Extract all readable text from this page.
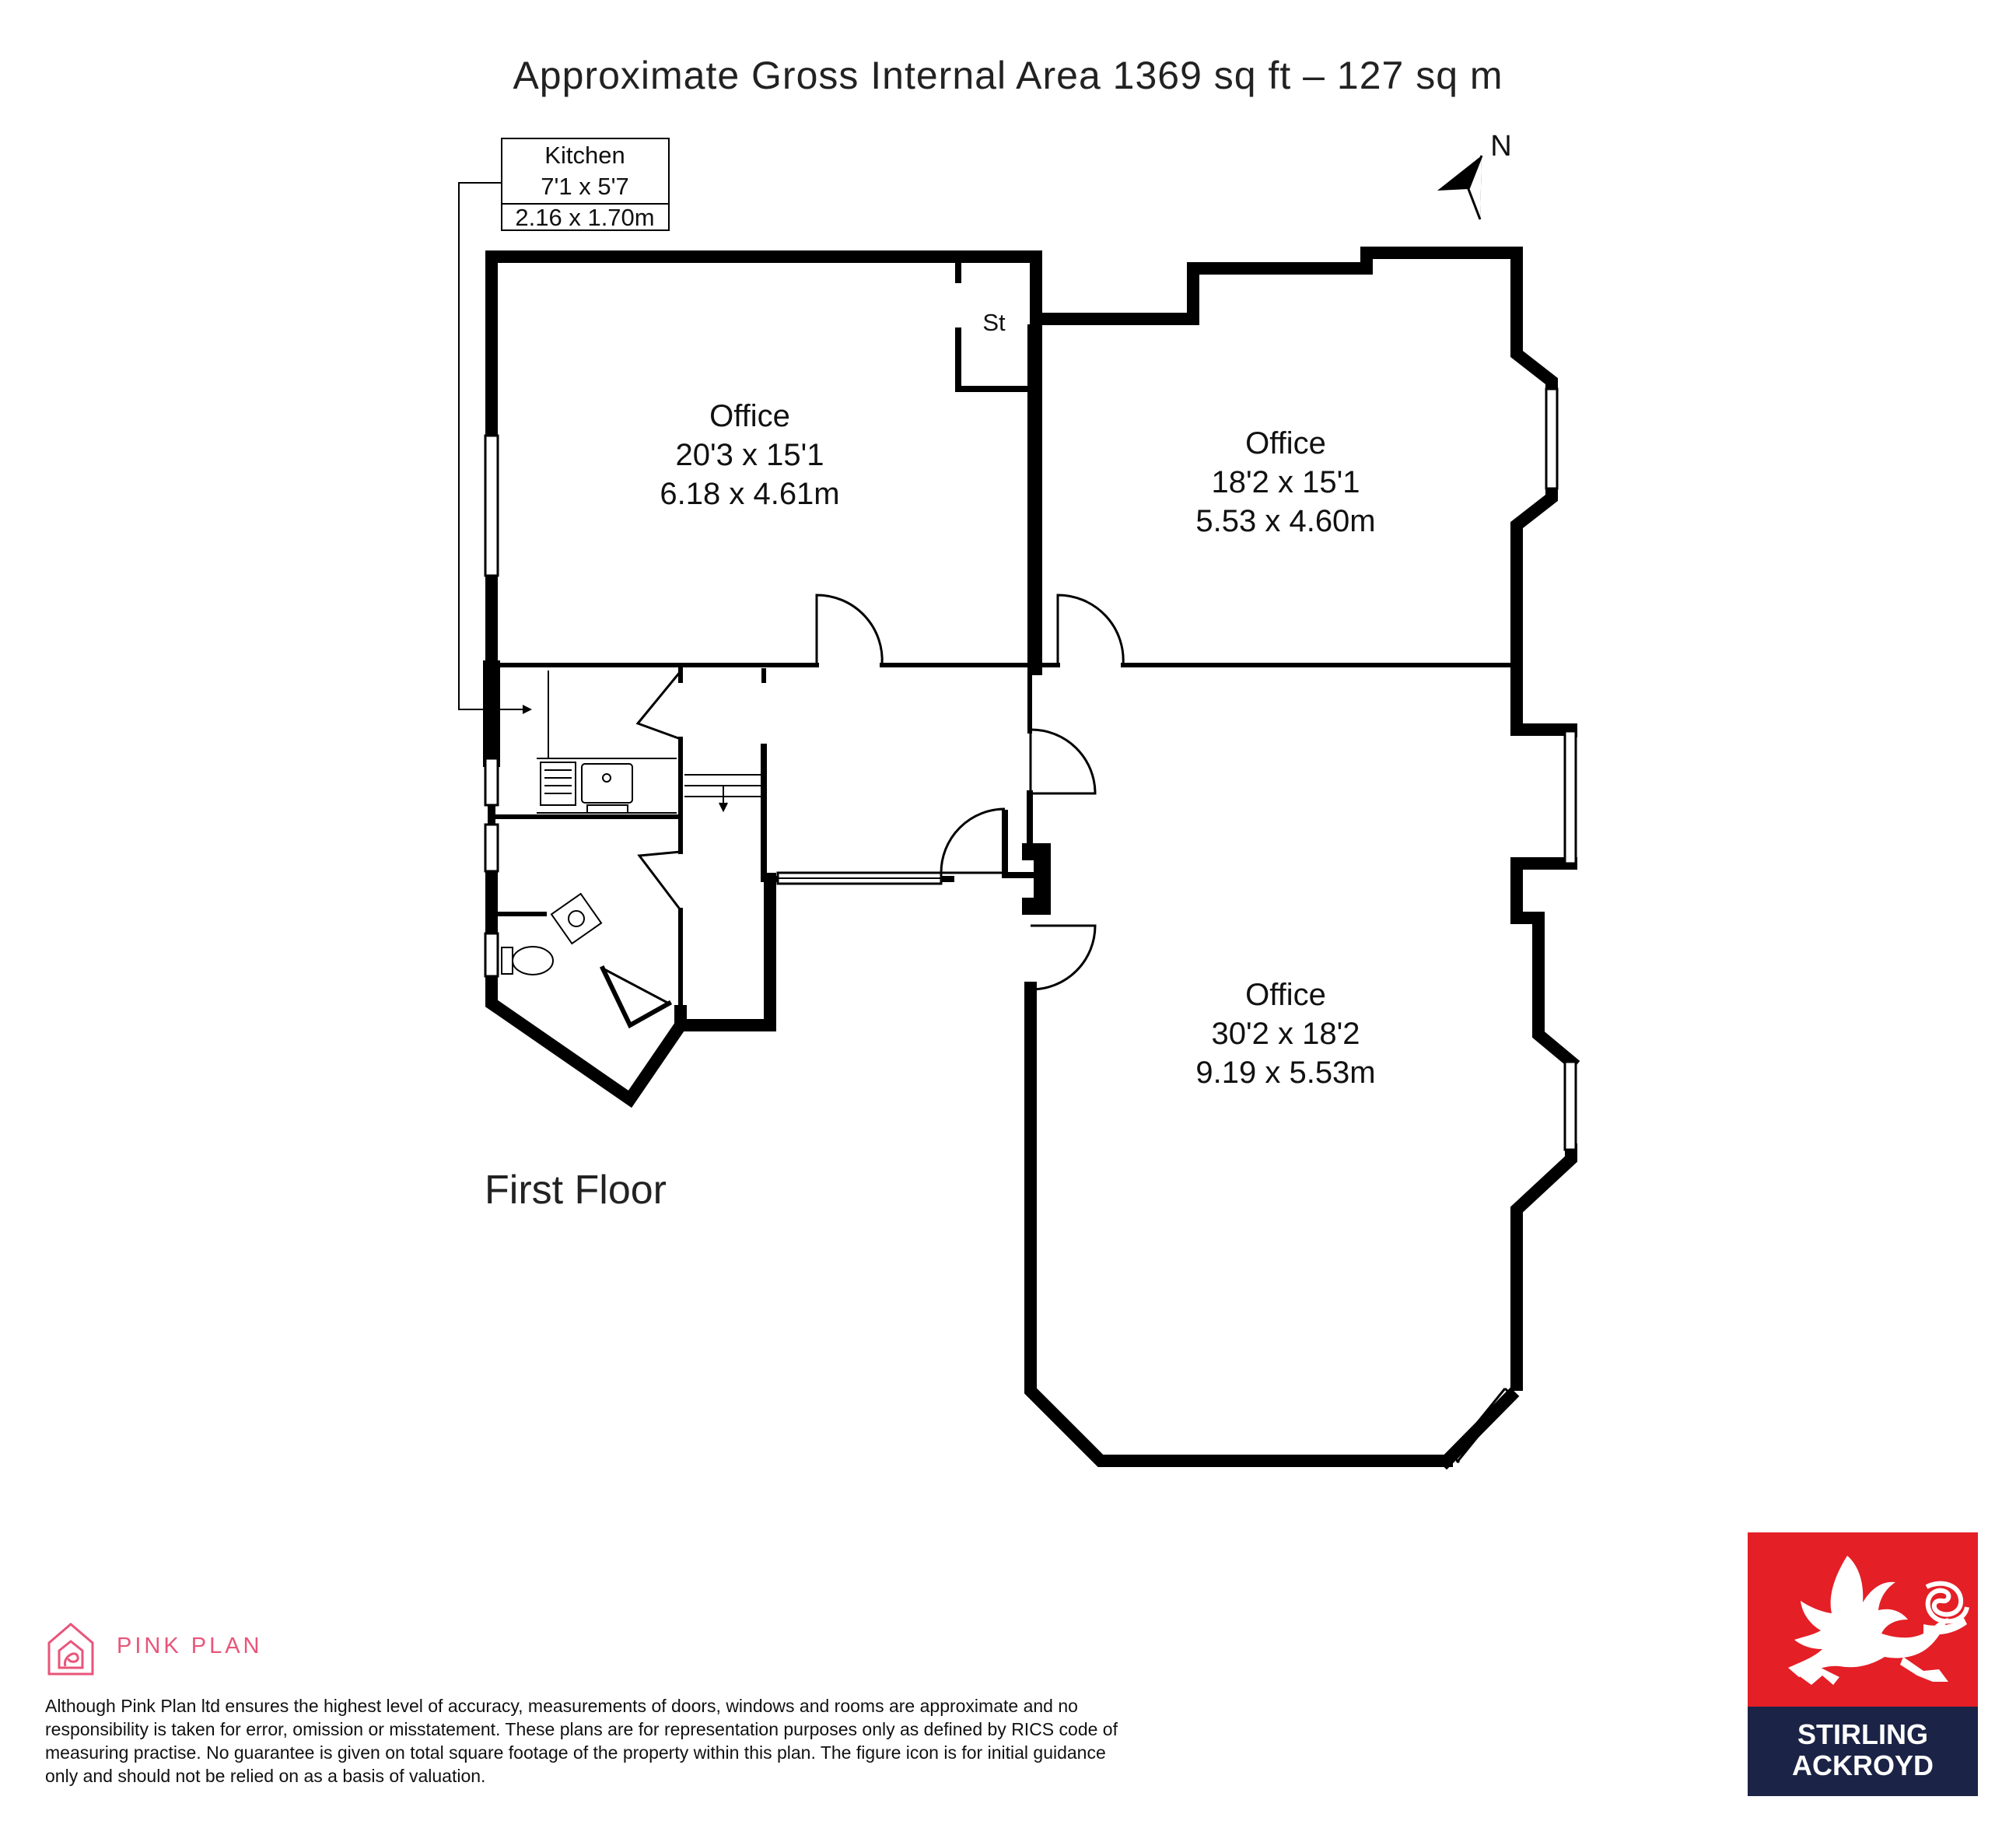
Approximate Gross Internal Area 1369 sq ft – 127 sq m
Kitchen
7'1 x 5'7
2.16 x 1.70m
St
Office
20'3 x 15'1
6.18 x 4.61m
Office
18'2 x 15'1
5.53 x 4.60m
Office
30'2 x 18'2
9.19 x 5.53m
N
First Floor
PINK PLAN
Although Pink Plan ltd ensures the highest level of accuracy, measurements of doors, windows and rooms are approximate and no responsibility is taken for error, omission or misstatement. These plans are for representation purposes only as defined by RICS code of measuring practise. No guarantee is given on total square footage of the property within this plan. The figure icon is for initial guidance only and should not be relied on as a basis of valuation.
STIRLING
ACKROYD
